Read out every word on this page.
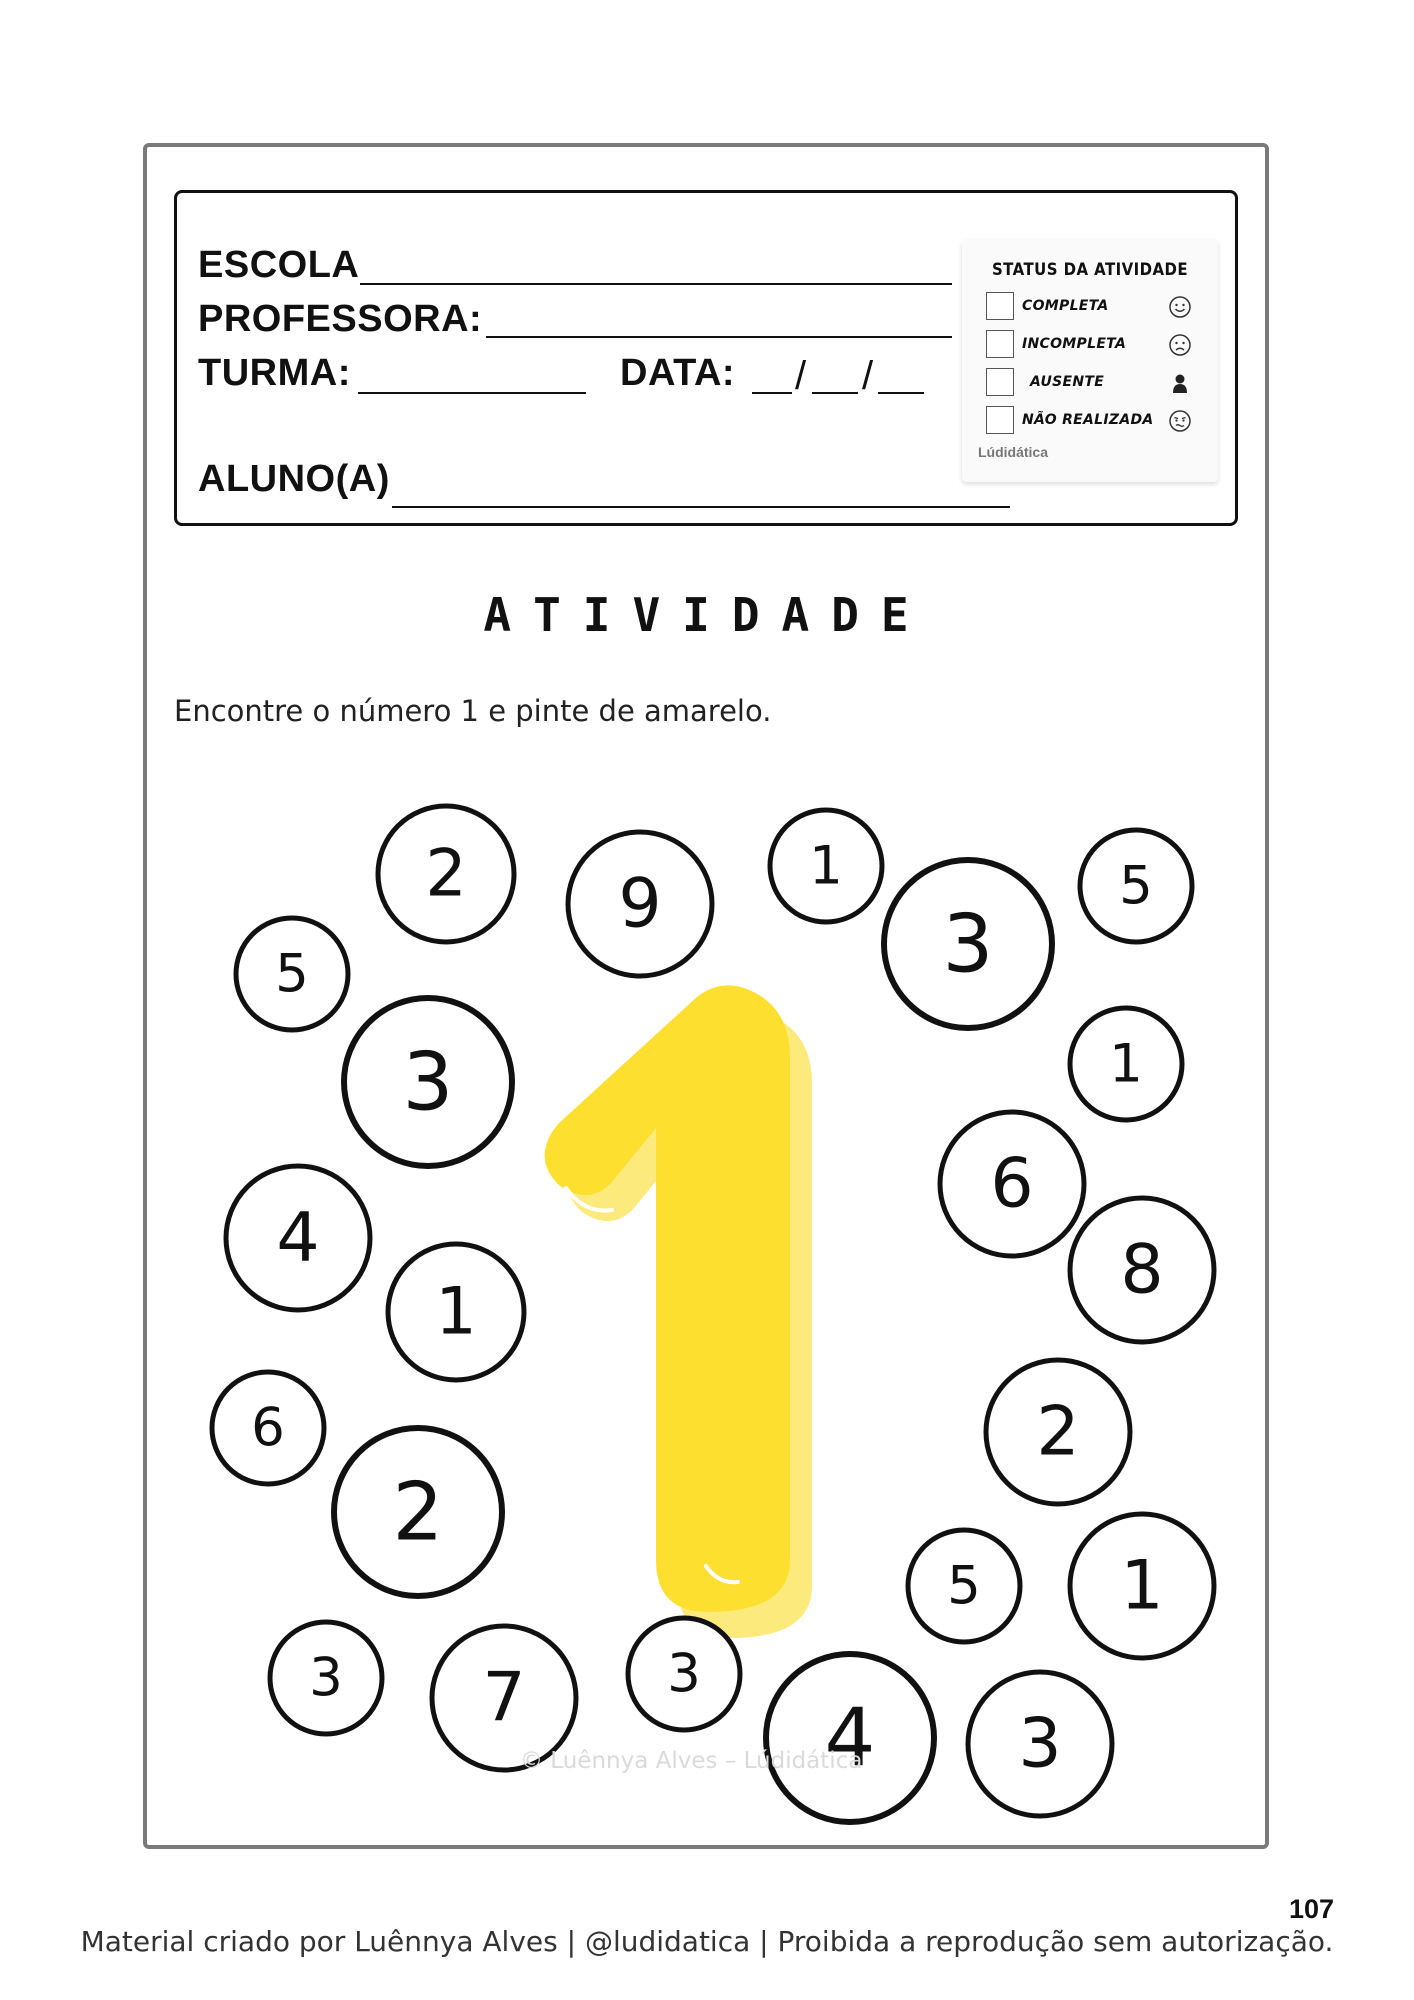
ESCOLA
PROFESSORA:
TURMA:	DATA: / /
ALUNO(A)
STATUS DA ATIVIDADE
COMPLETA
INCOMPLETA
AUSENTE
NÃO REALIZADA
Lúdidática
ATIVIDADE
Encontre o número 1 e pinte de amarelo.
2 9	1
3
5
5
3	1
6
4	8
1
6
2
2
5 1
3 7	3
4 3
© Luênnya Alves – Lúdidática
107
Material criado por Luênnya Alves | @ludidatica | Proibida a reprodução sem autorização.
